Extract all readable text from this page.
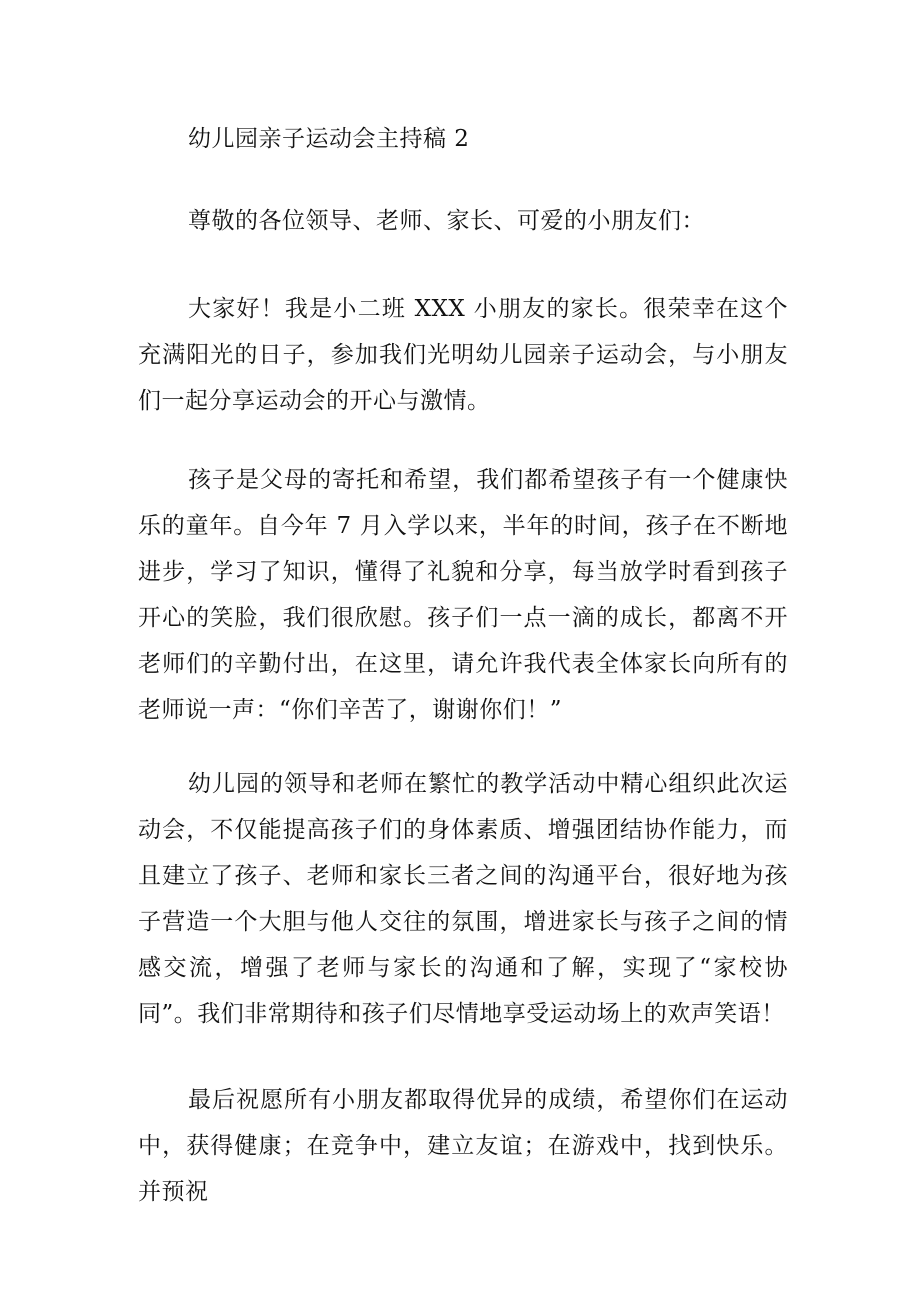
幼儿园亲子运动会主持稿 2
尊敬的各位领导、老师、家长、可爱的小朋友们：
大家好！我是小二班 XXX 小朋友的家长。很荣幸在这个充满阳光的日子，参加我们光明幼儿园亲子运动会，与小朋友们一起分享运动会的开心与激情。
孩子是父母的寄托和希望，我们都希望孩子有一个健康快乐的童年。自今年 7 月入学以来，半年的时间，孩子在不断地进步，学习了知识，懂得了礼貌和分享，每当放学时看到孩子开心的笑脸，我们很欣慰。孩子们一点一滴的成长，都离不开老师们的辛勤付出，在这里，请允许我代表全体家长向所有的老师说一声：“你们辛苦了，谢谢你们！”
幼儿园的领导和老师在繁忙的教学活动中精心组织此次运动会，不仅能提高孩子们的身体素质、增强团结协作能力，而且建立了孩子、老师和家长三者之间的沟通平台，很好地为孩子营造一个大胆与他人交往的氛围，增进家长与孩子之间的情感交流，增强了老师与家长的沟通和了解，实现了“家校协同”。我们非常期待和孩子们尽情地享受运动场上的欢声笑语！
最后祝愿所有小朋友都取得优异的成绩，希望你们在运动中，获得健康；在竞争中，建立友谊；在游戏中，找到快乐。并预祝
